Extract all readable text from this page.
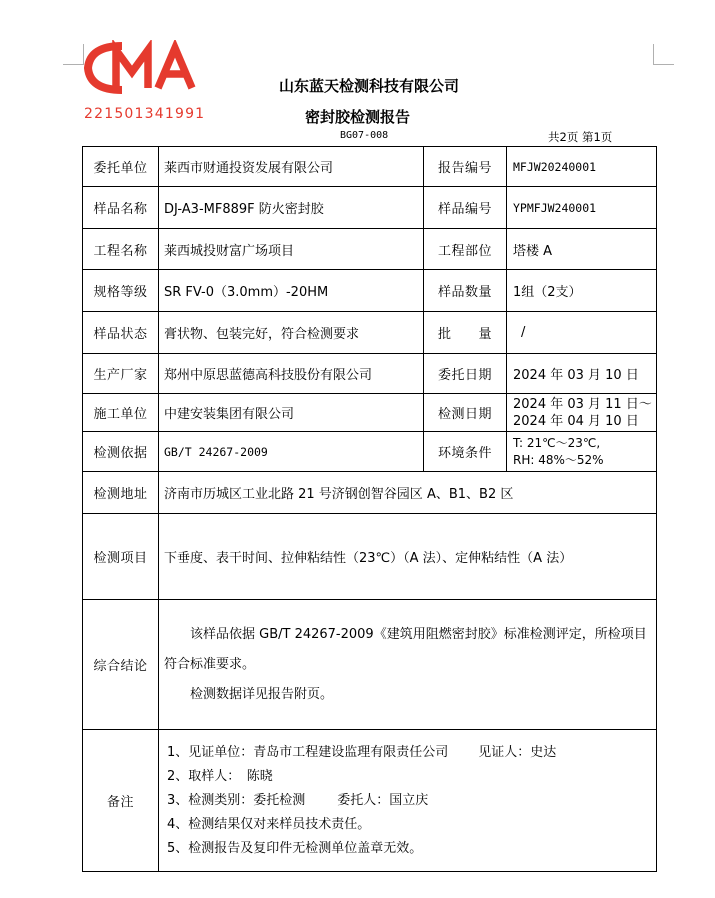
221501341991
山东蓝天检测科技有限公司
密封胶检测报告
BG07-008	共2页 第1页
委托单位	莱西市财通投资发展有限公司	报告编号	MFJW20240001
样品名称	DJ-A3-MF889F 防火密封胶	样品编号	YPMFJW240001
工程名称	莱西城投财富广场项目	工程部位	塔楼 A
规格等级	SR FV-0（3.0mm）-20HM	样品数量	1组（2支）
样品状态	膏状物、包装完好，符合检测要求	批　　量	/
生产厂家	郑州中原思蓝德高科技股份有限公司	委托日期	2024 年 03 月 10 日
施工单位	中建安装集团有限公司	检测日期	2024 年 03 月 11 日～
2024 年 04 月 10 日

检测依据	GB/T 24267-2009	环境条件	T: 21℃～23℃,
RH: 48%～52%

检测地址	济南市历城区工业北路 21 号济钢创智谷园区 A、B1、B2 区		
检测项目	下垂度、表干时间、拉伸粘结性（23℃）（A 法）、定伸粘结性（A 法）		
综合结论	该样品依据 GB/T 24267-2009《建筑用阻燃密封胶》标准检测评定，所检项目符合标准要求。

检测数据详见报告附页。		

备注	1、见证单位：青岛市工程建设监理有限责任公司 见证人：史达
2、取样人：　陈晓
3、检测类别：委托检测 委托人：国立庆
4、检测结果仅对来样员技术责任。
5、检测报告及复印件无检测单位盖章无效。		
